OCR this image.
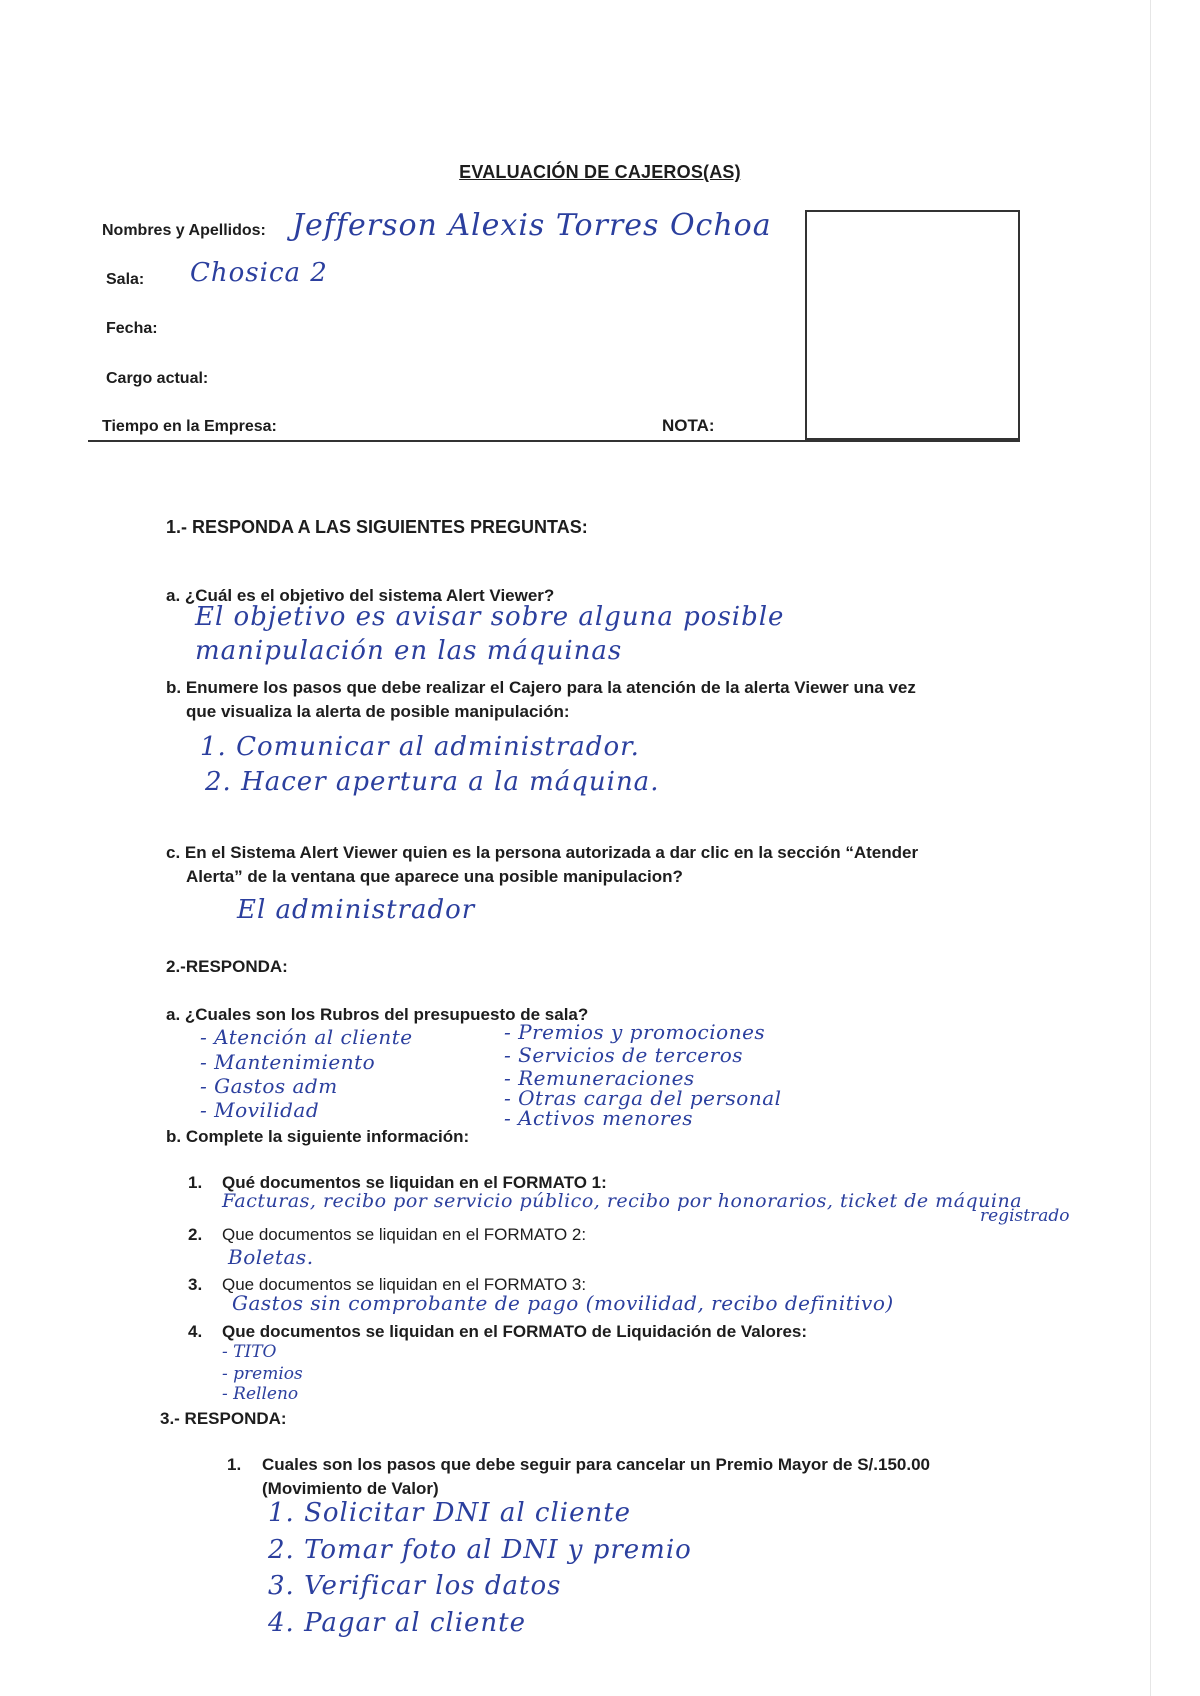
EVALUACIÓN DE CAJEROS(AS)
Nombres y Apellidos: Jefferson Alexis Torres Ochoa
Sala: Chosica 2
Fecha:
Cargo actual:
Tiempo en la Empresa:	NOTA:
1.- RESPONDA A LAS SIGUIENTES PREGUNTAS:
a. ¿Cuál es el objetivo del sistema Alert Viewer?
El objetivo es avisar sobre alguna posible
manipulación en las máquinas
b. Enumere los pasos que debe realizar el Cajero para la atención de la alerta Viewer una vez
que visualiza la alerta de posible manipulación:
1. Comunicar al administrador.
2. Hacer apertura a la máquina.
c. En el Sistema Alert Viewer quien es la persona autorizada a dar clic en la sección “Atender
Alerta” de la ventana que aparece una posible manipulacion?
El administrador
2.-RESPONDA:
a. ¿Cuales son los Rubros del presupuesto de sala?
- Atención al cliente
- Mantenimiento
- Gastos adm
- Movilidad
- Premios y promociones
- Servicios de terceros
- Remuneraciones
- Otras carga del personal
- Activos menores
b. Complete la siguiente información:
1. Qué documentos se liquidan en el FORMATO 1:
Facturas, recibo por servicio público, recibo por honorarios, ticket de máquina
registrado
2. Que documentos se liquidan en el FORMATO 2:
Boletas.
3. Que documentos se liquidan en el FORMATO 3:
Gastos sin comprobante de pago (movilidad, recibo definitivo)
4. Que documentos se liquidan en el FORMATO de Liquidación de Valores:
- TITO
- premios
- Relleno
3.- RESPONDA:
1. Cuales son los pasos que debe seguir para cancelar un Premio Mayor de S/.150.00
(Movimiento de Valor)
1. Solicitar DNI al cliente
2. Tomar foto al DNI y premio
3. Verificar los datos
4. Pagar al cliente
